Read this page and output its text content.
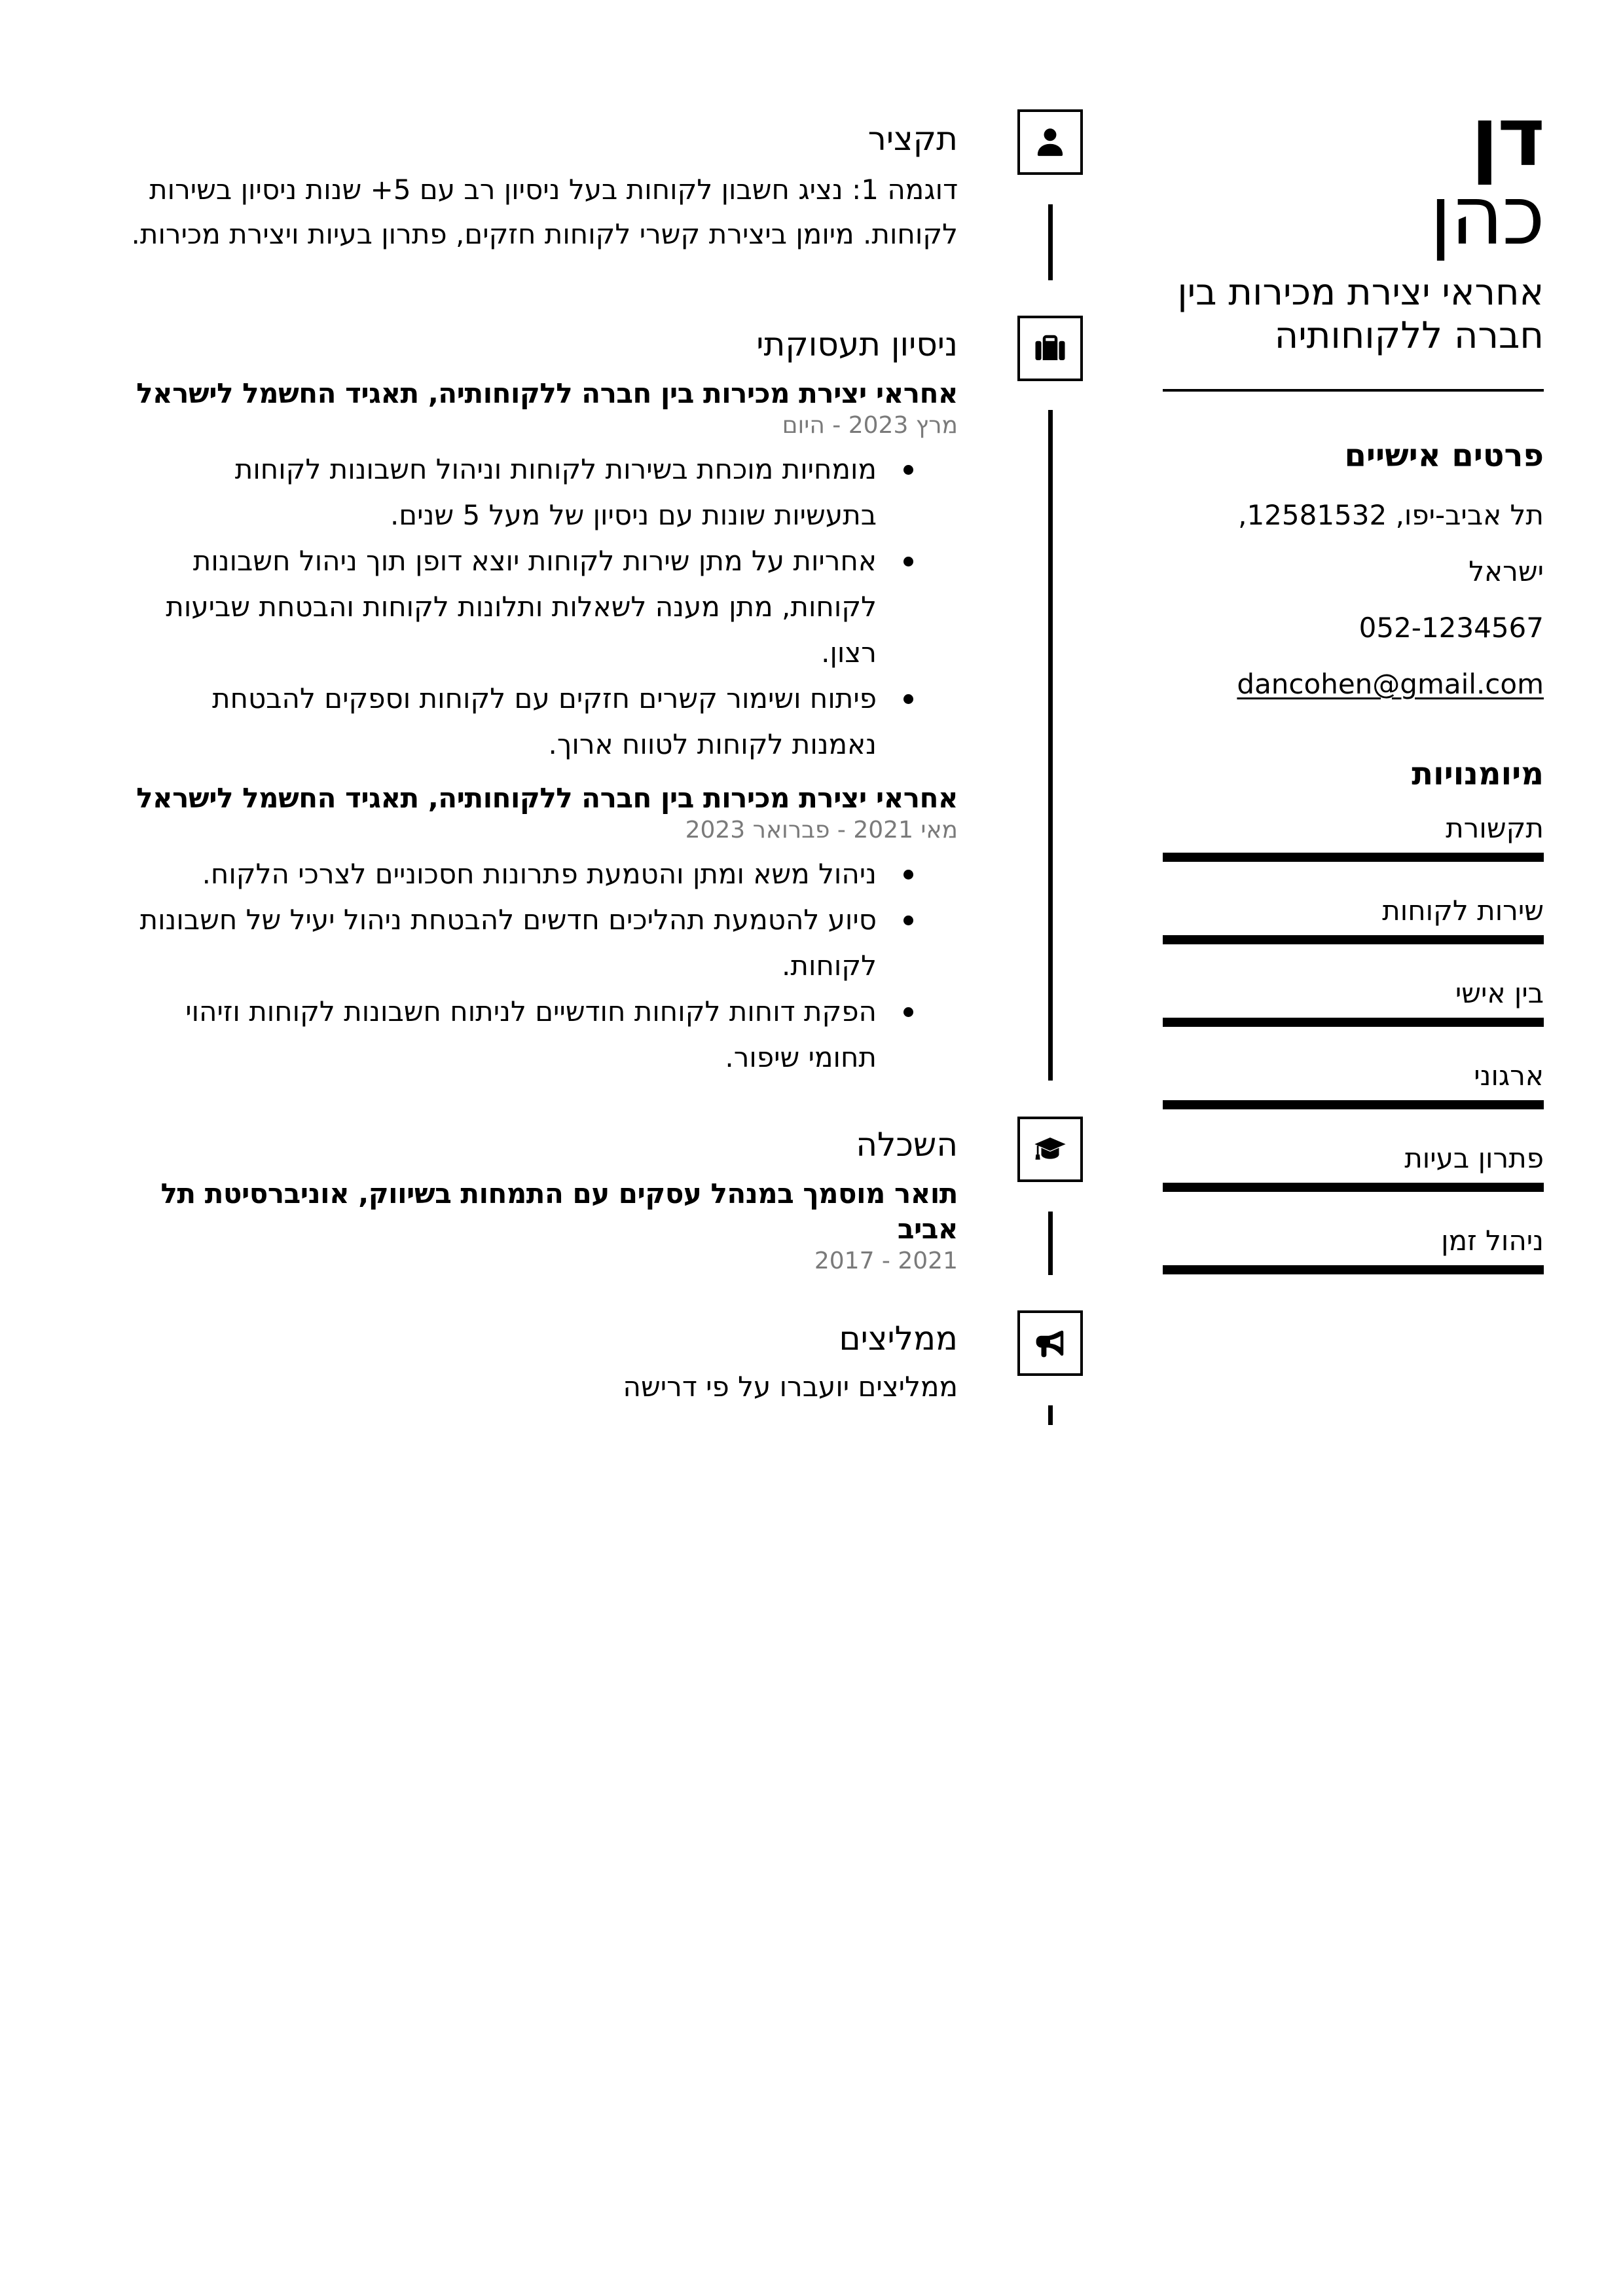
דן
כהן
אחראי יצירת מכירות בין חברה ללקוחותיה
פרטים אישיים
תל אביב-יפו, 12581532, ישראל
052-1234567
dancohen@gmail.com
מיומנויות
תקשורת
שירות לקוחות
בין אישי
ארגוני
פתרון בעיות
ניהול זמן
תקציר
דוגמה 1: נציג חשבון לקוחות בעל ניסיון רב עם 5+ שנות ניסיון בשירות לקוחות. מיומן ביצירת קשרי לקוחות חזקים, פתרון בעיות ויצירת מכירות.
ניסיון תעסוקתי
אחראי יצירת מכירות בין חברה ללקוחותיה, תאגיד החשמל לישראל
מרץ 2023 - היום
מומחיות מוכחת בשירות לקוחות וניהול חשבונות לקוחות בתעשיות שונות עם ניסיון של מעל 5 שנים.
אחריות על מתן שירות לקוחות יוצא דופן תוך ניהול חשבונות לקוחות, מתן מענה לשאלות ותלונות לקוחות והבטחת שביעות רצון.
פיתוח ושימור קשרים חזקים עם לקוחות וספקים להבטחת נאמנות לקוחות לטווח ארוך.
אחראי יצירת מכירות בין חברה ללקוחותיה, תאגיד החשמל לישראל
מאי 2021 - פברואר 2023
ניהול משא ומתן והטמעת פתרונות חסכוניים לצרכי הלקוח.
סיוע להטמעת תהליכים חדשים להבטחת ניהול יעיל של חשבונות לקוחות.
הפקת דוחות לקוחות חודשיים לניתוח חשבונות לקוחות וזיהוי תחומי שיפור.
השכלה
תואר מוסמך במנהל עסקים עם התמחות בשיווק, אוניברסיטת תל אביב
2017 - 2021
ממליצים
ממליצים יועברו על פי דרישה
